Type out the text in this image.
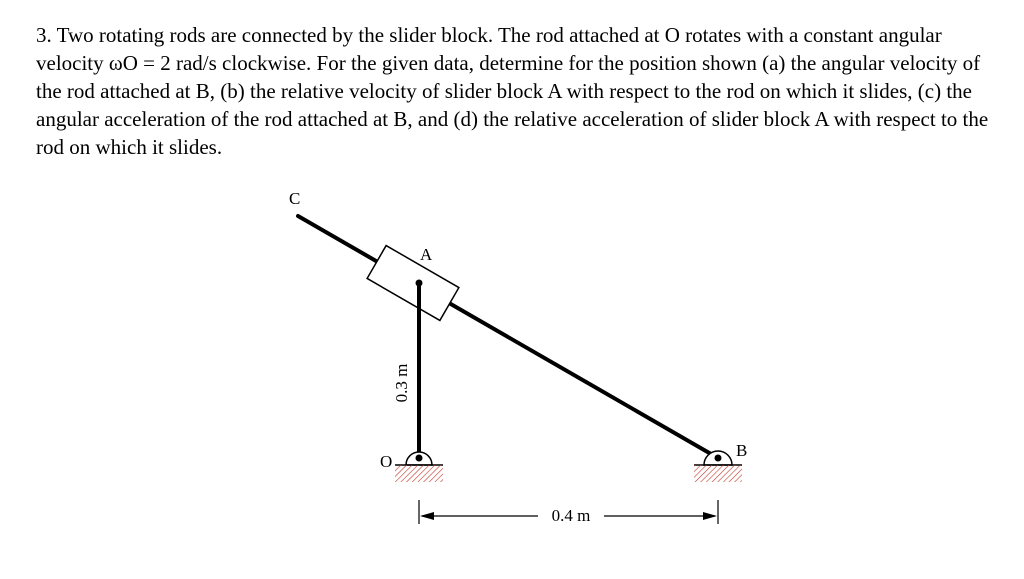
3. Two rotating rods are connected by the slider block. The rod attached at O rotates with a constant angular velocity ωO = 2 rad/s clockwise. For the given data, determine for the position shown (a) the angular velocity of the rod attached at B, (b) the relative velocity of slider block A with respect to the rod on which it slides, (c) the angular acceleration of the rod attached at B, and (d) the relative acceleration of slider block A with respect to the rod on which it slides.

C
A
O
B
0.3 m
0.4 m
